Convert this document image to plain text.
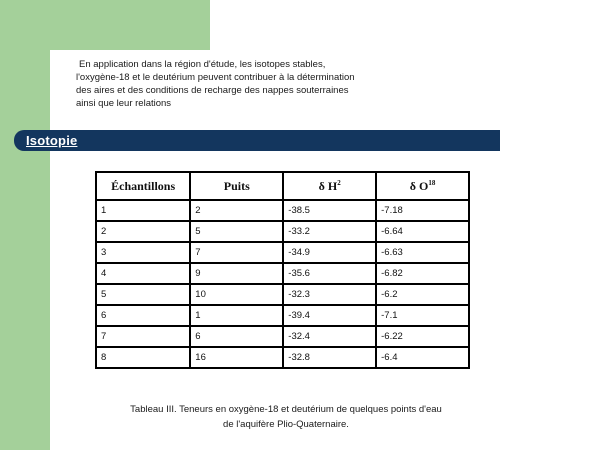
En application dans la région d'étude, les isotopes stables,

l'oxygène-18 et le deutérium peuvent contribuer à la détermination

des aires et des conditions de recharge des nappes souterraines

ainsi que leur relations

Isotopie
Échantillons	Puits	δ $H^2$	δ $O^{18}$
1	2	-38.5	-7.18
2	5	-33.2	-6.64
3	7	-34.9	-6.63
4	9	-35.6	-6.82
5	10	-32.3	-6.2
6	1	-39.4	-7.1
7	6	-32.4	-6.22
8	16	-32.8	-6.4

Tableau III. Teneurs en oxygène-18 et deutérium de quelques points d'eau

de l'aquifère Plio-Quaternaire.
